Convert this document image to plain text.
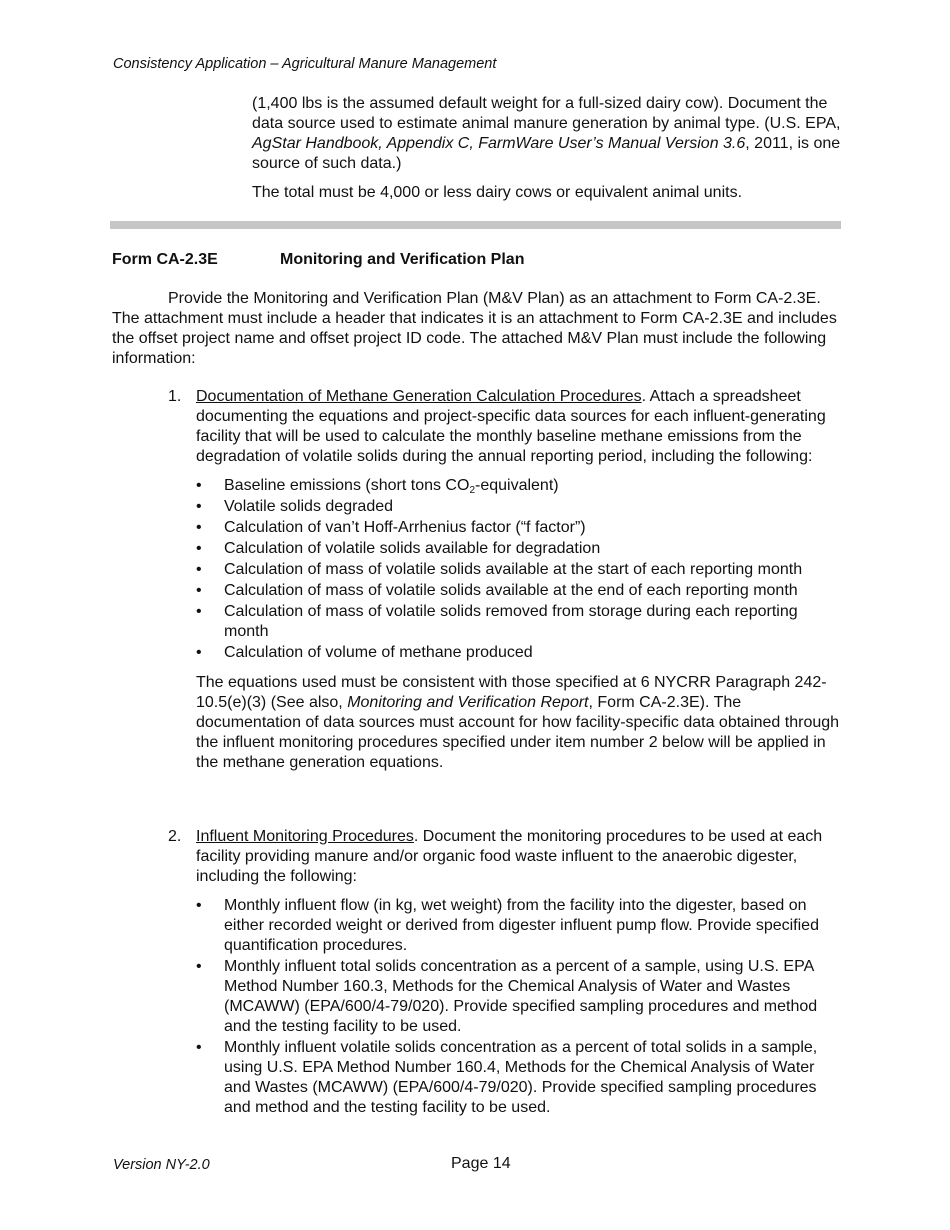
Consistency Application – Agricultural Manure Management

(1,400 lbs is the assumed default weight for a full-sized dairy cow). Document the data source used to estimate animal manure generation by animal type. (U.S. EPA, AgStar Handbook, Appendix C, FarmWare User’s Manual Version 3.6, 2011, is one source of such data.)

The total must be 4,000 or less dairy cows or equivalent animal units.

Form CA-2.3E	Monitoring and Verification Plan

Provide the Monitoring and Verification Plan (M&V Plan) as an attachment to Form CA-2.3E. The attachment must include a header that indicates it is an attachment to Form CA-2.3E and includes the offset project name and offset project ID code. The attached M&V Plan must include the following information:

1. Documentation of Methane Generation Calculation Procedures. Attach a spreadsheet documenting the equations and project-specific data sources for each influent-generating facility that will be used to calculate the monthly baseline methane emissions from the degradation of volatile solids during the annual reporting period, including the following:
• Baseline emissions (short tons $CO_2-equivalent$)
• Volatile solids degraded
• Calculation of van’t Hoff-Arrhenius factor (“f factor”)
• Calculation of volatile solids available for degradation
• Calculation of mass of volatile solids available at the start of each reporting month
• Calculation of mass of volatile solids available at the end of each reporting month
• Calculation of mass of volatile solids removed from storage during each reporting month
• Calculation of volume of methane produced
The equations used must be consistent with those specified at 6 NYCRR Paragraph 242-10.5(e)(3) (See also, Monitoring and Verification Report, Form CA-2.3E). The documentation of data sources must account for how facility-specific data obtained through the influent monitoring procedures specified under item number 2 below will be applied in the methane generation equations.
2. Influent Monitoring Procedures. Document the monitoring procedures to be used at each facility providing manure and/or organic food waste influent to the anaerobic digester, including the following:
• Monthly influent flow (in kg, wet weight) from the facility into the digester, based on either recorded weight or derived from digester influent pump flow. Provide specified quantification procedures.
• Monthly influent total solids concentration as a percent of a sample, using U.S. EPA Method Number 160.3, Methods for the Chemical Analysis of Water and Wastes (MCAWW) (EPA/600/4-79/020). Provide specified sampling procedures and method and the testing facility to be used.
• Monthly influent volatile solids concentration as a percent of total solids in a sample, using U.S. EPA Method Number 160.4, Methods for the Chemical Analysis of Water and Wastes (MCAWW) (EPA/600/4-79/020). Provide specified sampling procedures and method and the testing facility to be used.
Version NY-2.0	Page 14
